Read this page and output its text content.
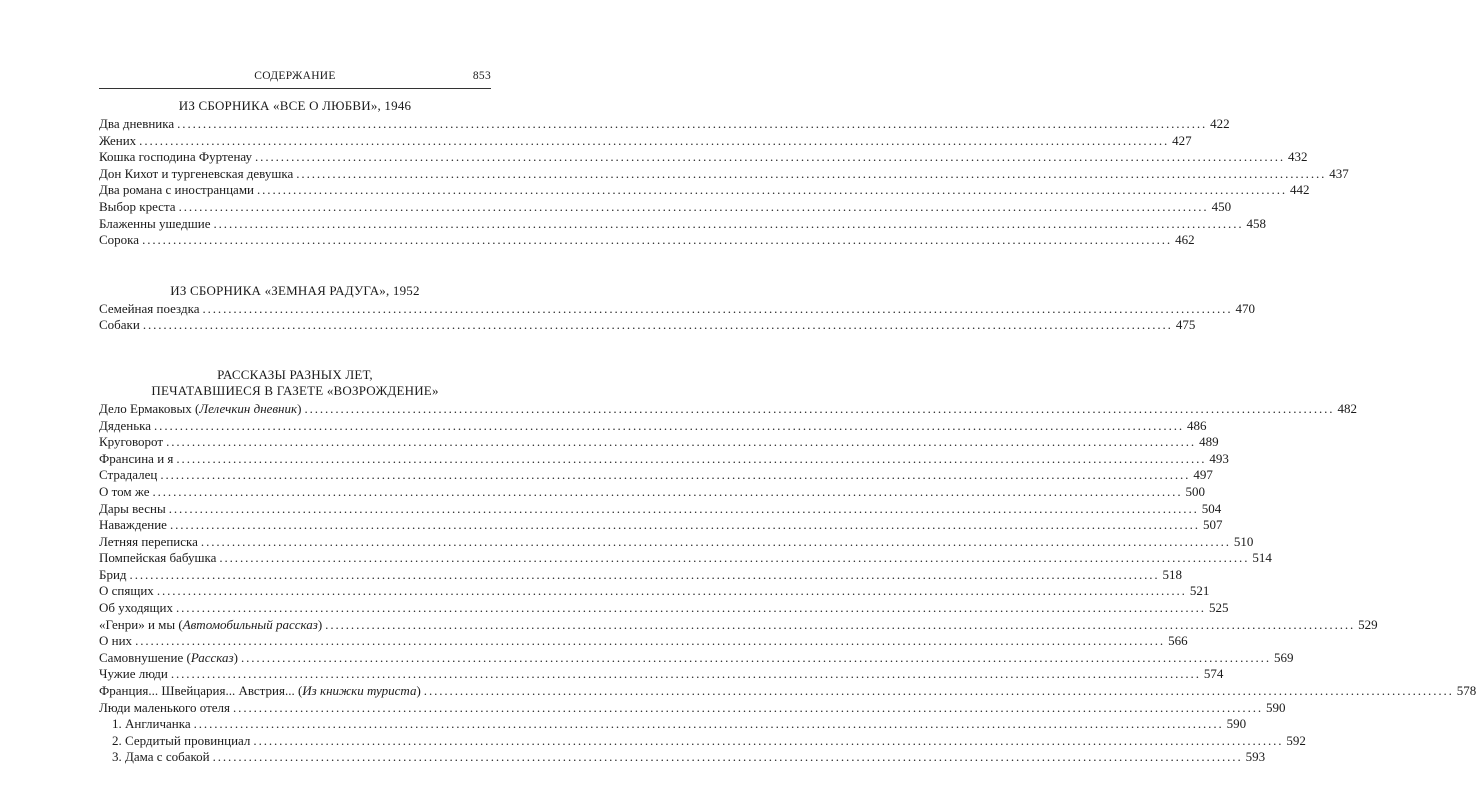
СОДЕРЖАНИЕ	853
ИЗ СБОРНИКА «ВСЕ О ЛЮБВИ», 1946
Два дневника ........................................................................................................................................................................................................ 422
Жених ........................................................................................................................................................................................................ 427
Кошка господина Фуртенау ........................................................................................................................................................................................................ 432
Дон Кихот и тургеневская девушка ........................................................................................................................................................................................................ 437
Два романа с иностранцами ........................................................................................................................................................................................................ 442
Выбор креста ........................................................................................................................................................................................................ 450
Блаженны ушедшие ........................................................................................................................................................................................................ 458
Сорока ........................................................................................................................................................................................................ 462
ИЗ СБОРНИКА «ЗЕМНАЯ РАДУГА», 1952
Семейная поездка ........................................................................................................................................................................................................ 470
Собаки ........................................................................................................................................................................................................ 475
РАССКАЗЫ РАЗНЫХ ЛЕТ,
ПЕЧАТАВШИЕСЯ В ГАЗЕТЕ «ВОЗРОЖДЕНИЕ»
Дело Ермаковых (Лелечкин дневник) ........................................................................................................................................................................................................ 482
Дяденька ........................................................................................................................................................................................................ 486
Круговорот ........................................................................................................................................................................................................ 489
Франсина и я ........................................................................................................................................................................................................ 493
Страдалец ........................................................................................................................................................................................................ 497
О том же ........................................................................................................................................................................................................ 500
Дары весны ........................................................................................................................................................................................................ 504
Наваждение ........................................................................................................................................................................................................ 507
Летняя переписка ........................................................................................................................................................................................................ 510
Помпейская бабушка ........................................................................................................................................................................................................ 514
Брид ........................................................................................................................................................................................................ 518
О спящих ........................................................................................................................................................................................................ 521
Об уходящих ........................................................................................................................................................................................................ 525
«Генри» и мы (Автомобильный рассказ) ........................................................................................................................................................................................................ 529
О них ........................................................................................................................................................................................................ 566
Самовнушение (Рассказ) ........................................................................................................................................................................................................ 569
Чужие люди ........................................................................................................................................................................................................ 574
Франция... Швейцария... Австрия... (Из книжки туриста) ........................................................................................................................................................................................................ 578
Люди маленького отеля ........................................................................................................................................................................................................ 590
1. Англичанка ........................................................................................................................................................................................................ 590
2. Сердитый провинциал ........................................................................................................................................................................................................ 592
3. Дама с собакой ........................................................................................................................................................................................................ 593
